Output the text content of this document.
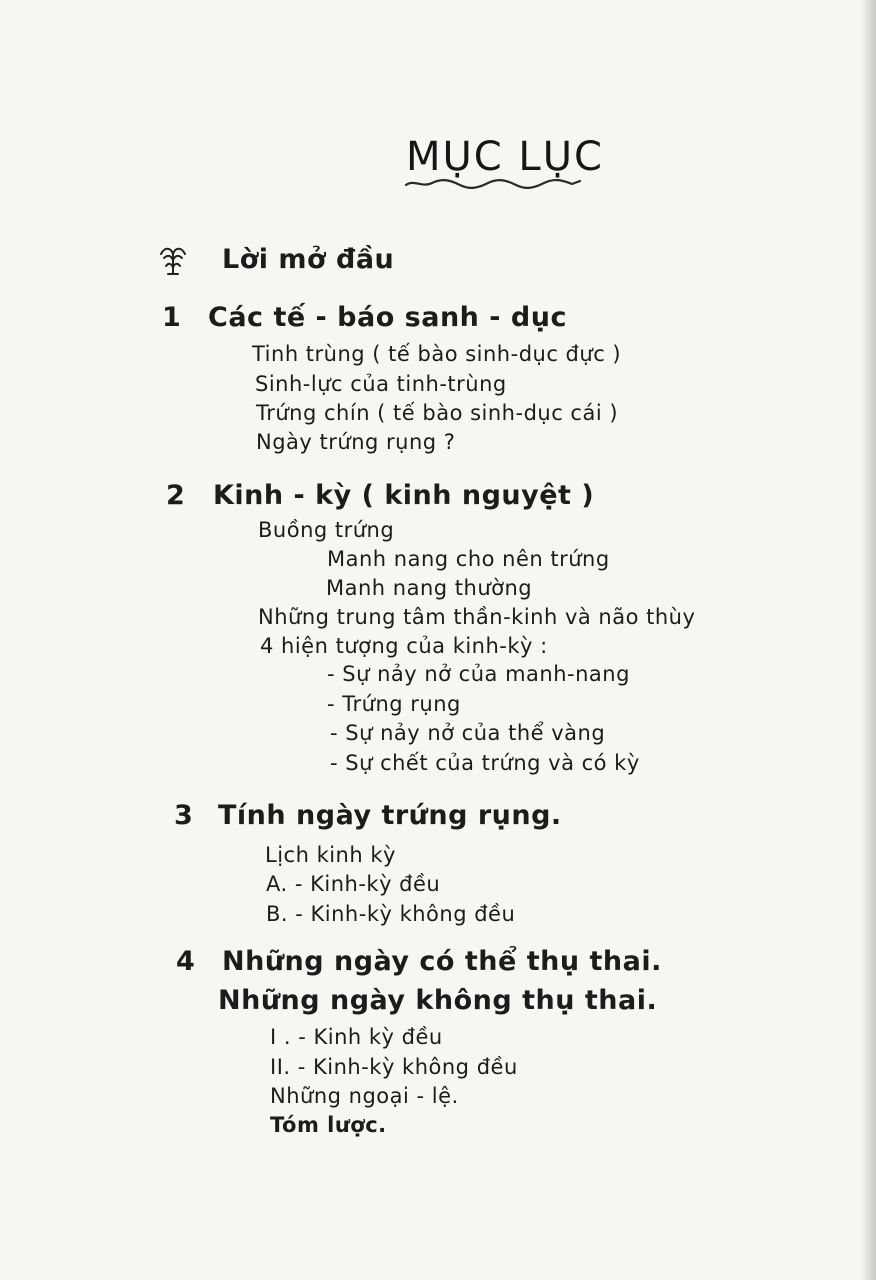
MỤC LỤC
Lời mở đầu
1 Các tế - báo sanh - dục
Tinh trùng ( tế bào sinh-dục đực )
Sinh-lực của tinh-trùng
Trứng chín ( tế bào sinh-dục cái )
Ngày trứng rụng ?
2 Kinh - kỳ ( kinh nguyệt )
Buồng trứng
Manh nang cho nên trứng
Manh nang thường
Những trung tâm thần-kinh và não thùy
4 hiện tượng của kinh-kỳ :
- Sự nảy nở của manh-nang
- Trứng rụng
- Sự nảy nở của thể vàng
- Sự chết của trứng và có kỳ
3 Tính ngày trứng rụng.
Lịch kinh kỳ
A. - Kinh-kỳ đều
B. - Kinh-kỳ không đều
4 Những ngày có thể thụ thai.
Những ngày không thụ thai.
I . - Kinh kỳ đều
II. - Kinh-kỳ không đều
Những ngoại - lệ.
Tóm lược.
